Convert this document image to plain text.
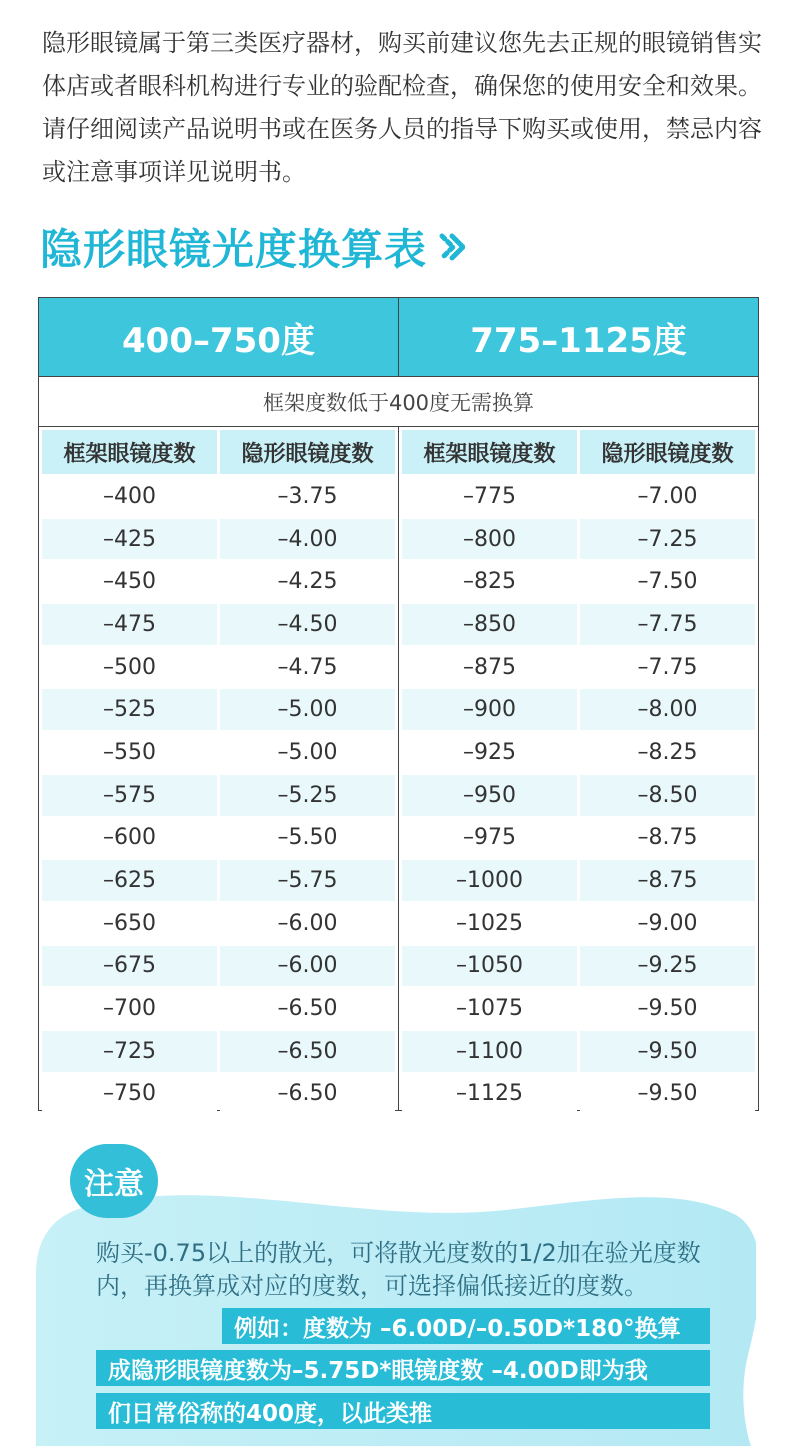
隐形眼镜属于第三类医疗器材，购买前建议您先去正规的眼镜销售实体店或者眼科机构进行专业的验配检查，确保您的使用安全和效果。请仔细阅读产品说明书或在医务人员的指导下购买或使用，禁忌内容或注意事项详见说明书。
隐形眼镜光度换算表
400–750度	775–1125度
框架度数低于400度无需换算
框架眼镜度数	隐形眼镜度数
–400	–3.75
–425	–4.00
–450	–4.25
–475	–4.50
–500	–4.75
–525	–5.00
–550	–5.00
–575	–5.25
–600	–5.50
–625	–5.75
–650	–6.00
–675	–6.00
–700	–6.50
–725	–6.50
–750	–6.50
框架眼镜度数	隐形眼镜度数
–775	–7.00
–800	–7.25
–825	–7.50
–850	–7.75
–875	–7.75
–900	–8.00
–925	–8.25
–950	–8.50
–975	–8.75
–1000	–8.75
–1025	–9.00
–1050	–9.25
–1075	–9.50
–1100	–9.50
–1125	–9.50
注意
购买-0.75以上的散光，可将散光度数的1/2加在验光度数内，再换算成对应的度数，可选择偏低接近的度数。
例如：度数为 –6.00D/–0.50D*180°换算
成隐形眼镜度数为–5.75D*眼镜度数 –4.00D即为我
们日常俗称的400度，以此类推
